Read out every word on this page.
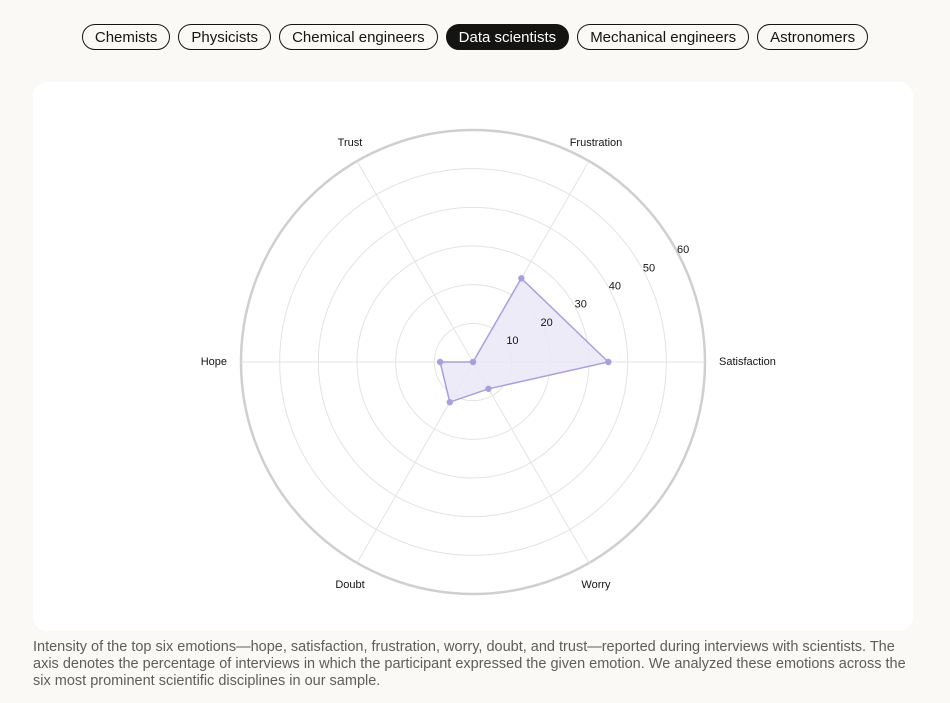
Chemists	Physicists	Chemical engineers	Data scientists	Mechanical engineers	Astronomers
10
20
30
40
50
60
Satisfaction
Frustration
Trust
Hope
Doubt	Worry

Intensity of the top six emotions—hope, satisfaction, frustration, worry, doubt, and trust—reported during interviews with scientists. The axis denotes the percentage of interviews in which the participant expressed the given emotion. We analyzed these emotions across the six most prominent scientific disciplines in our sample.
